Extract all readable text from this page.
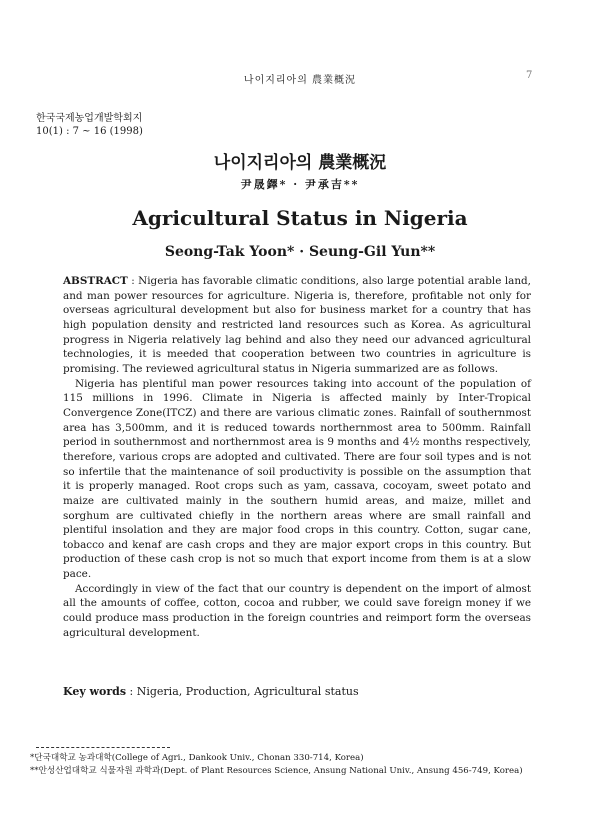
나이지리아의 農業概況	7
한국국제농업개발학회지
10(1) : 7 ~ 16 (1998)
나이지리아의 農業概況
尹晟鐸* · 尹承吉**
Agricultural Status in Nigeria
Seong-Tak Yoon* · Seung-Gil Yun**

ABSTRACT : Nigeria has favorable climatic conditions, also large potential arable land, and man power resources for agriculture. Nigeria is, therefore, profitable not only for overseas agricultural development but also for business market for a country that has high population density and restricted land resources such as Korea. As agricultural progress in Nigeria relatively lag behind and also they need our advanced agricultural technologies, it is meeded that cooperation between two countries in agriculture is promising. The reviewed agricultural status in Nigeria summarized are as follows.

Nigeria has plentiful man power resources taking into account of the population of 115 millions in 1996. Climate in Nigeria is affected mainly by Inter-Tropical Convergence Zone(ITCZ) and there are various climatic zones. Rainfall of southernmost area has 3,500mm, and it is reduced towards northernmost area to 500mm. Rainfall period in southernmost and northernmost area is 9 months and 4½ months respectively, therefore, various crops are adopted and cultivated. There are four soil types and is not so infertile that the maintenance of soil productivity is possible on the assumption that it is properly managed. Root crops such as yam, cassava, cocoyam, sweet potato and maize are cultivated mainly in the southern humid areas, and maize, millet and sorghum are cultivated chiefly in the northern areas where are small rainfall and plentiful insolation and they are major food crops in this country. Cotton, sugar cane, tobacco and kenaf are cash crops and they are major export crops in this country. But production of these cash crop is not so much that export income from them is at a slow pace.

Accordingly in view of the fact that our country is dependent on the import of almost all the amounts of coffee, cotton, cocoa and rubber, we could save foreign money if we could produce mass production in the foreign countries and reimport form the overseas agricultural development.

Key words : Nigeria, Production, Agricultural status
*단국대학교 농과대학(College of Agri., Dankook Univ., Chonan 330-714, Korea)
**안성산업대학교 식물자원 과학과(Dept. of Plant Resources Science, Ansung National Univ., Ansung 456-749, Korea)
